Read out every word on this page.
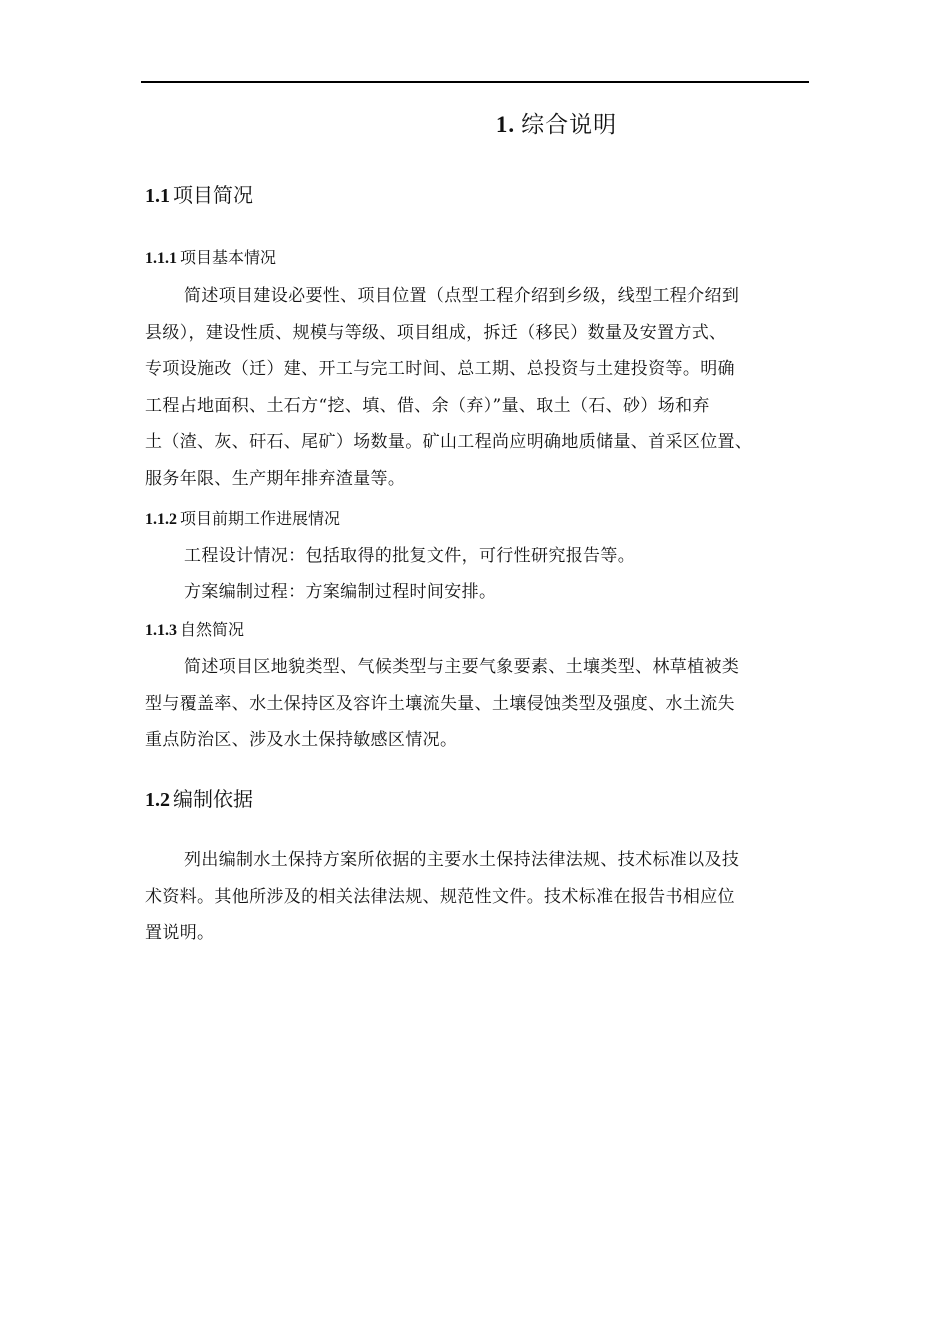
1. 综合说明
1.1 项目简况
1.1.1 项目基本情况
简述项目建设必要性、项目位置（点型工程介绍到乡级，线型工程介绍到
县级），建设性质、规模与等级、项目组成，拆迁（移民）数量及安置方式、
专项设施改（迁）建、开工与完工时间、总工期、总投资与土建投资等。明确
工程占地面积、土石方“挖、填、借、余（弃）”量、取土（石、砂）场和弃
土（渣、灰、矸石、尾矿）场数量。矿山工程尚应明确地质储量、首采区位置、
服务年限、生产期年排弃渣量等。
1.1.2 项目前期工作进展情况
工程设计情况：包括取得的批复文件，可行性研究报告等。
方案编制过程：方案编制过程时间安排。
1.1.3 自然简况
简述项目区地貌类型、气候类型与主要气象要素、土壤类型、林草植被类
型与覆盖率、水土保持区及容许土壤流失量、土壤侵蚀类型及强度、水土流失
重点防治区、涉及水土保持敏感区情况。
1.2 编制依据
列出编制水土保持方案所依据的主要水土保持法律法规、技术标准以及技
术资料。其他所涉及的相关法律法规、规范性文件。技术标准在报告书相应位
置说明。
